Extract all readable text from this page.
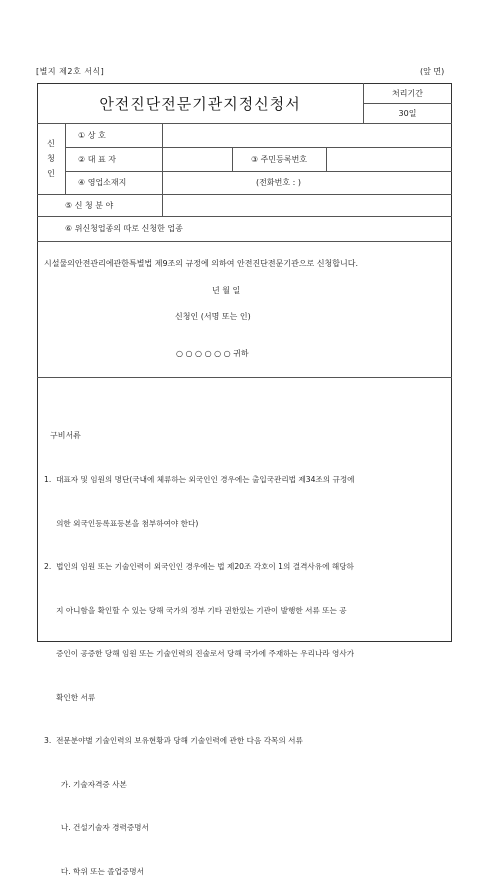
[별지 제2호 서식]	(앞 면)
안전진단전문기관지정신청서
처리기간
30일
신
청
인
① 상 호
② 대 표 자	③ 주민등록번호
④ 영업소재지	(전화번호 : )
⑤ 신 청 분 야
⑥ 위신청업종의 따로 신청한 업종
시설물의안전관리에관한특별법 제9조의 규정에 의하여 안전진단전문기관으로 신청합니다.
년 월 일
신청인 (서명 또는 인)
○ ○ ○ ○ ○ ○ 귀하
구비서류

1.  대표자 및 임원의 명단(국내에 체류하는 외국인인 경우에는 출입국관리법 제34조의 규정에

의한 외국인등록표등본을 첨부하여야 한다)

2.  법인의 임원 또는 기술인력이 외국인인 경우에는 법 제20조 각호이 1의 결격사유에 해당하

지 아니함을 확인할 수 있는 당해 국가의 정부 기타 권한있는 기관이 발행한 서류 또는 공

증인이 공증한 당해 임원 또는 기술인력의 진술로서 당해 국가에 주재하는 우리나라 영사가

확인한 서류

3.  전문분야별 기술인력의 보유현황과 당해 기술인력에 관한 다음 각목의 서류

가. 기술자격증 사본

나. 건설기술자 경력증명서

다. 학위 또는 졸업증명서
